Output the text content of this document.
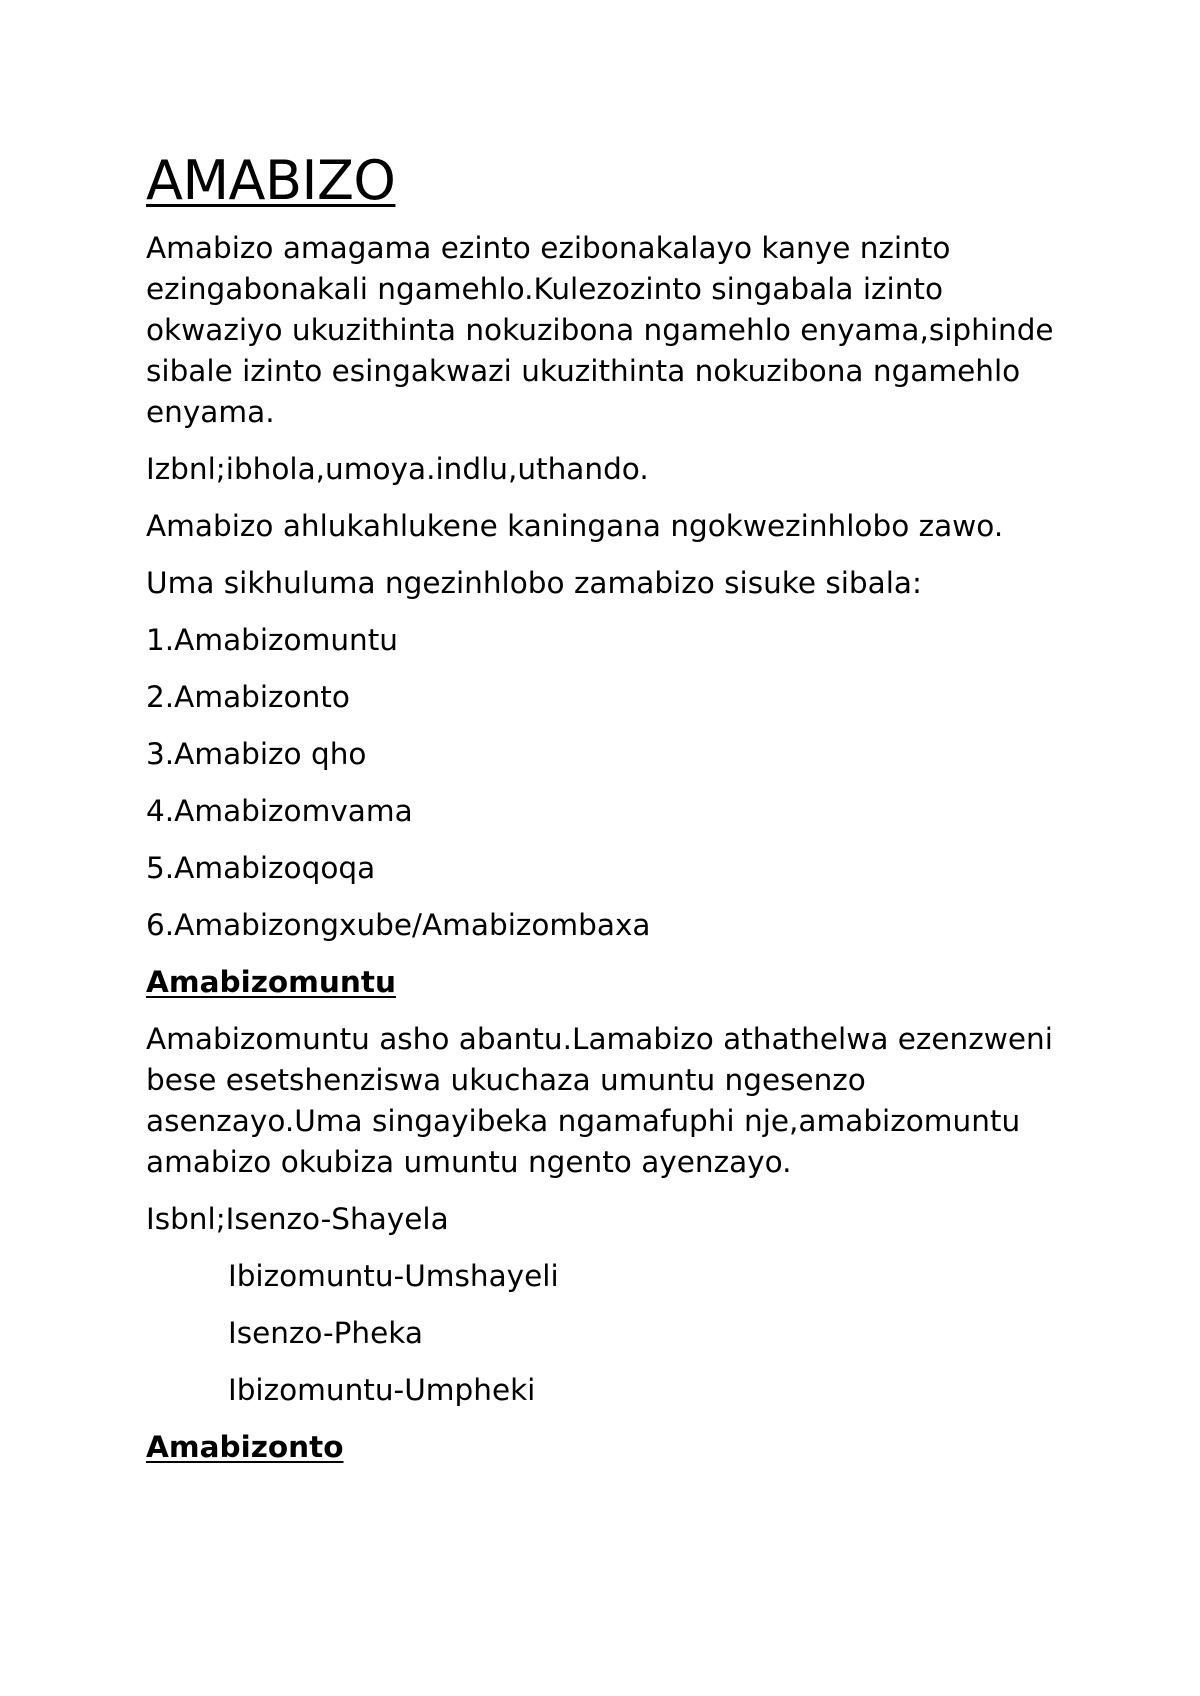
AMABIZO

Amabizo amagama ezinto ezibonakalayo kanye nzinto ezingabonakali ngamehlo.Kulezozinto singabala izinto okwaziyo ukuzithinta nokuzibona ngamehlo enyama,siphinde sibale izinto esingakwazi ukuzithinta nokuzibona ngamehlo enyama.

Izbnl;ibhola,umoya.indlu,uthando.

Amabizo ahlukahlukene kaningana ngokwezinhlobo zawo.

Uma sikhuluma ngezinhlobo zamabizo sisuke sibala:

1.Amabizomuntu
2.Amabizonto
3.Amabizo qho
4.Amabizomvama
5.Amabizoqoqa
6.Amabizongxube/Amabizombaxa
Amabizomuntu

Amabizomuntu asho abantu.Lamabizo athathelwa ezenzweni bese esetshenziswa ukuchaza umuntu ngesenzo asenzayo.Uma singayibeka ngamafuphi nje,amabizomuntu amabizo okubiza umuntu ngento ayenzayo.

Isbnl;Isenzo-Shayela

Ibizomuntu-Umshayeli

Isenzo-Pheka

Ibizomuntu-Umpheki

Amabizonto
